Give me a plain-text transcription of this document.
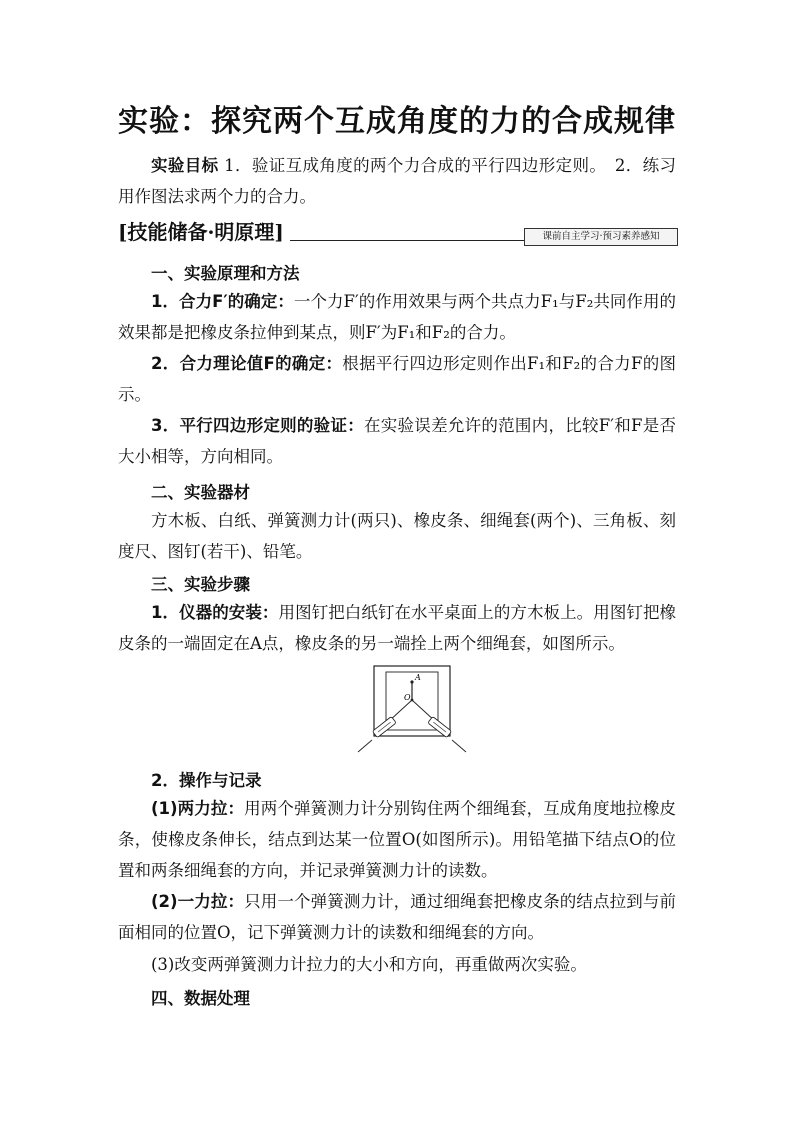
实验：探究两个互成角度的力的合成规律
实验目标 1．验证互成角度的两个力合成的平行四边形定则。　2．练习用作图法求两个力的合力。
[技能储备·明原理]	课前自主学习·预习素养感知
一、实验原理和方法
1．合力F′的确定：一个力F′的作用效果与两个共点力F₁与F₂共同作用的效果都是把橡皮条拉伸到某点，则F′为F₁和F₂的合力。
2．合力理论值F的确定：根据平行四边形定则作出F₁和F₂的合力F的图示。
3．平行四边形定则的验证：在实验误差允许的范围内，比较F′和F是否大小相等，方向相同。
二、实验器材
方木板、白纸、弹簧测力计(两只)、橡皮条、细绳套(两个)、三角板、刻度尺、图钉(若干)、铅笔。
三、实验步骤
1．仪器的安装：用图钉把白纸钉在水平桌面上的方木板上。用图钉把橡皮条的一端固定在A点，橡皮条的另一端拴上两个细绳套，如图所示。
A
O
2．操作与记录
(1)两力拉：用两个弹簧测力计分别钩住两个细绳套，互成角度地拉橡皮条，使橡皮条伸长，结点到达某一位置O(如图所示)。用铅笔描下结点O的位置和两条细绳套的方向，并记录弹簧测力计的读数。
(2)一力拉：只用一个弹簧测力计，通过细绳套把橡皮条的结点拉到与前面相同的位置O，记下弹簧测力计的读数和细绳套的方向。
(3)改变两弹簧测力计拉力的大小和方向，再重做两次实验。
四、数据处理
